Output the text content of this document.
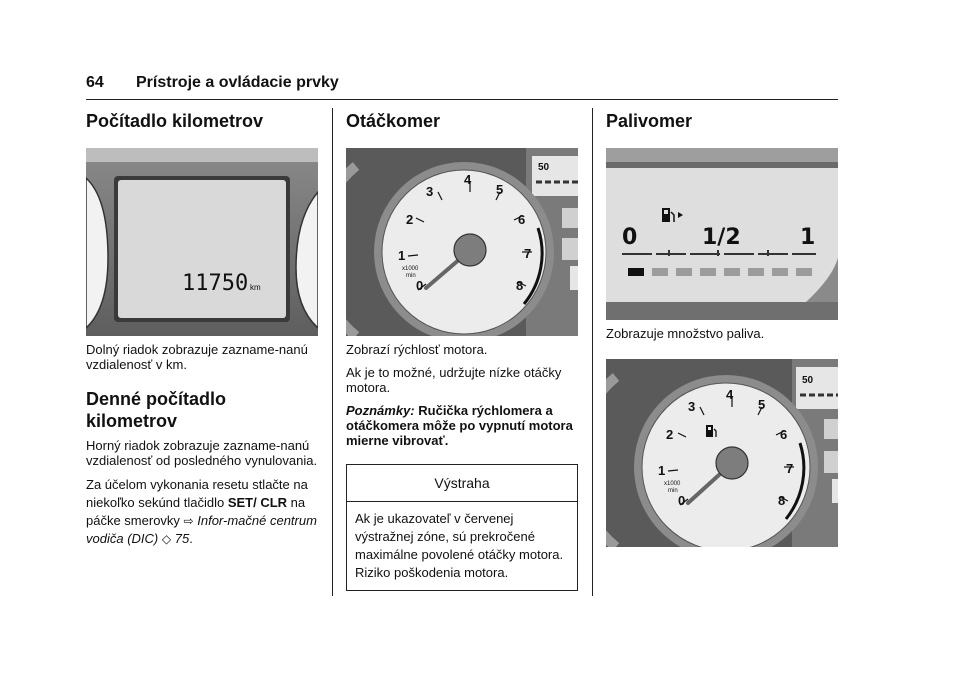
64 Prístroje a ovládacie prvky
Počítadlo kilometrov
11750 km

Dolný riadok zobrazuje zazname-nanú vzdialenosť v km.

Denné počítadlo kilometrov

Horný riadok zobrazuje zazname-nanú vzdialenosť od posledného vynulovania.

Za účelom vykonania resetu stlačte na niekoľko sekúnd tlačidlo SET/ CLR na páčke smerovky ⇨ Infor-mačné centrum vodiča (DIC) ◇ 75.

Otáčkomer
50
0
1
2
3
4
5
6
7
8
x1000
min

Zobrazí rýchlosť motora.

Ak je to možné, udržujte nízke otáčky motora.

Poznámky: Ručička rýchlomera a otáčkomera môže po vypnutí motora mierne vibrovať.

Výstraha
Ak je ukazovateľ v červenej výstražnej zóne, sú prekročené maximálne povolené otáčky motora. Riziko poškodenia motora.
Palivomer
0	1/2	1

Zobrazuje množstvo paliva.

50
0
1
2
3
4
5
6
7
8
x1000
min
